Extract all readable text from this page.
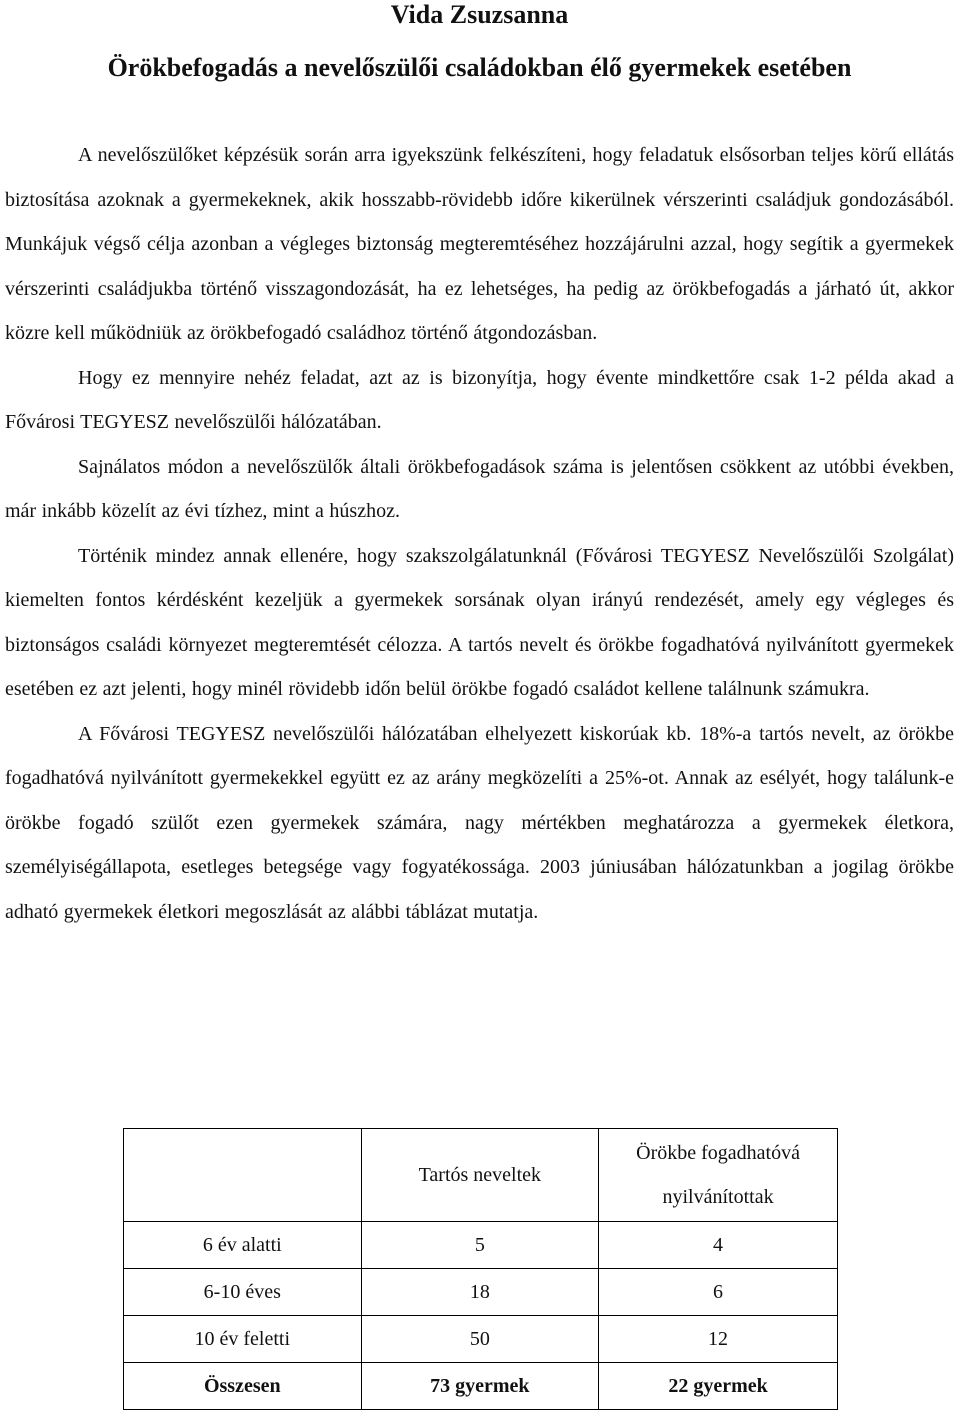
Vida Zsuzsanna
Örökbefogadás a nevelőszülői családokban élő gyermekek esetében

A nevelőszülőket képzésük során arra igyekszünk felkészíteni, hogy feladatuk elsősorban teljes körű ellátás biztosítása azoknak a gyermekeknek, akik hosszabb-rövidebb időre kikerülnek vérszerinti családjuk gondozásából. Munkájuk végső célja azonban a végleges biztonság megteremtéséhez hozzájárulni azzal, hogy segítik a gyermekek vérszerinti családjukba történő visszagondozását, ha ez lehetséges, ha pedig az örökbefogadás a járható út, akkor közre kell működniük az örökbefogadó családhoz történő átgondozásban.

Hogy ez mennyire nehéz feladat, azt az is bizonyítja, hogy évente mindkettőre csak 1-2 példa akad a Fővárosi TEGYESZ nevelőszülői hálózatában.

Sajnálatos módon a nevelőszülők általi örökbefogadások száma is jelentősen csökkent az utóbbi években, már inkább közelít az évi tízhez, mint a húszhoz.

Történik mindez annak ellenére, hogy szakszolgálatunknál (Fővárosi TEGYESZ Nevelőszülői Szolgálat) kiemelten fontos kérdésként kezeljük a gyermekek sorsának olyan irányú rendezését, amely egy végleges és biztonságos családi környezet megteremtését célozza. A tartós nevelt és örökbe fogadhatóvá nyilvánított gyermekek esetében ez azt jelenti, hogy minél rövidebb időn belül örökbe fogadó családot kellene találnunk számukra.

A Fővárosi TEGYESZ nevelőszülői hálózatában elhelyezett kiskorúak kb. 18%-a tartós nevelt, az örökbe fogadhatóvá nyilvánított gyermekekkel együtt ez az arány megközelíti a 25%-ot. Annak az esélyét, hogy találunk-e örökbe fogadó szülőt ezen gyermekek számára, nagy mértékben meghatározza a gyermekek életkora, személyiségállapota, esetleges betegsége vagy fogyatékossága. 2003 júniusában hálózatunkban a jogilag örökbe adható gyermekek életkori megoszlását az alábbi táblázat mutatja.

	Tartós neveltek	Örökbe fogadhatóvá nyilvánítottak
6 év alatti	5	4
6-10 éves	18	6
10 év feletti	50	12
Összesen	73 gyermek	22 gyermek
